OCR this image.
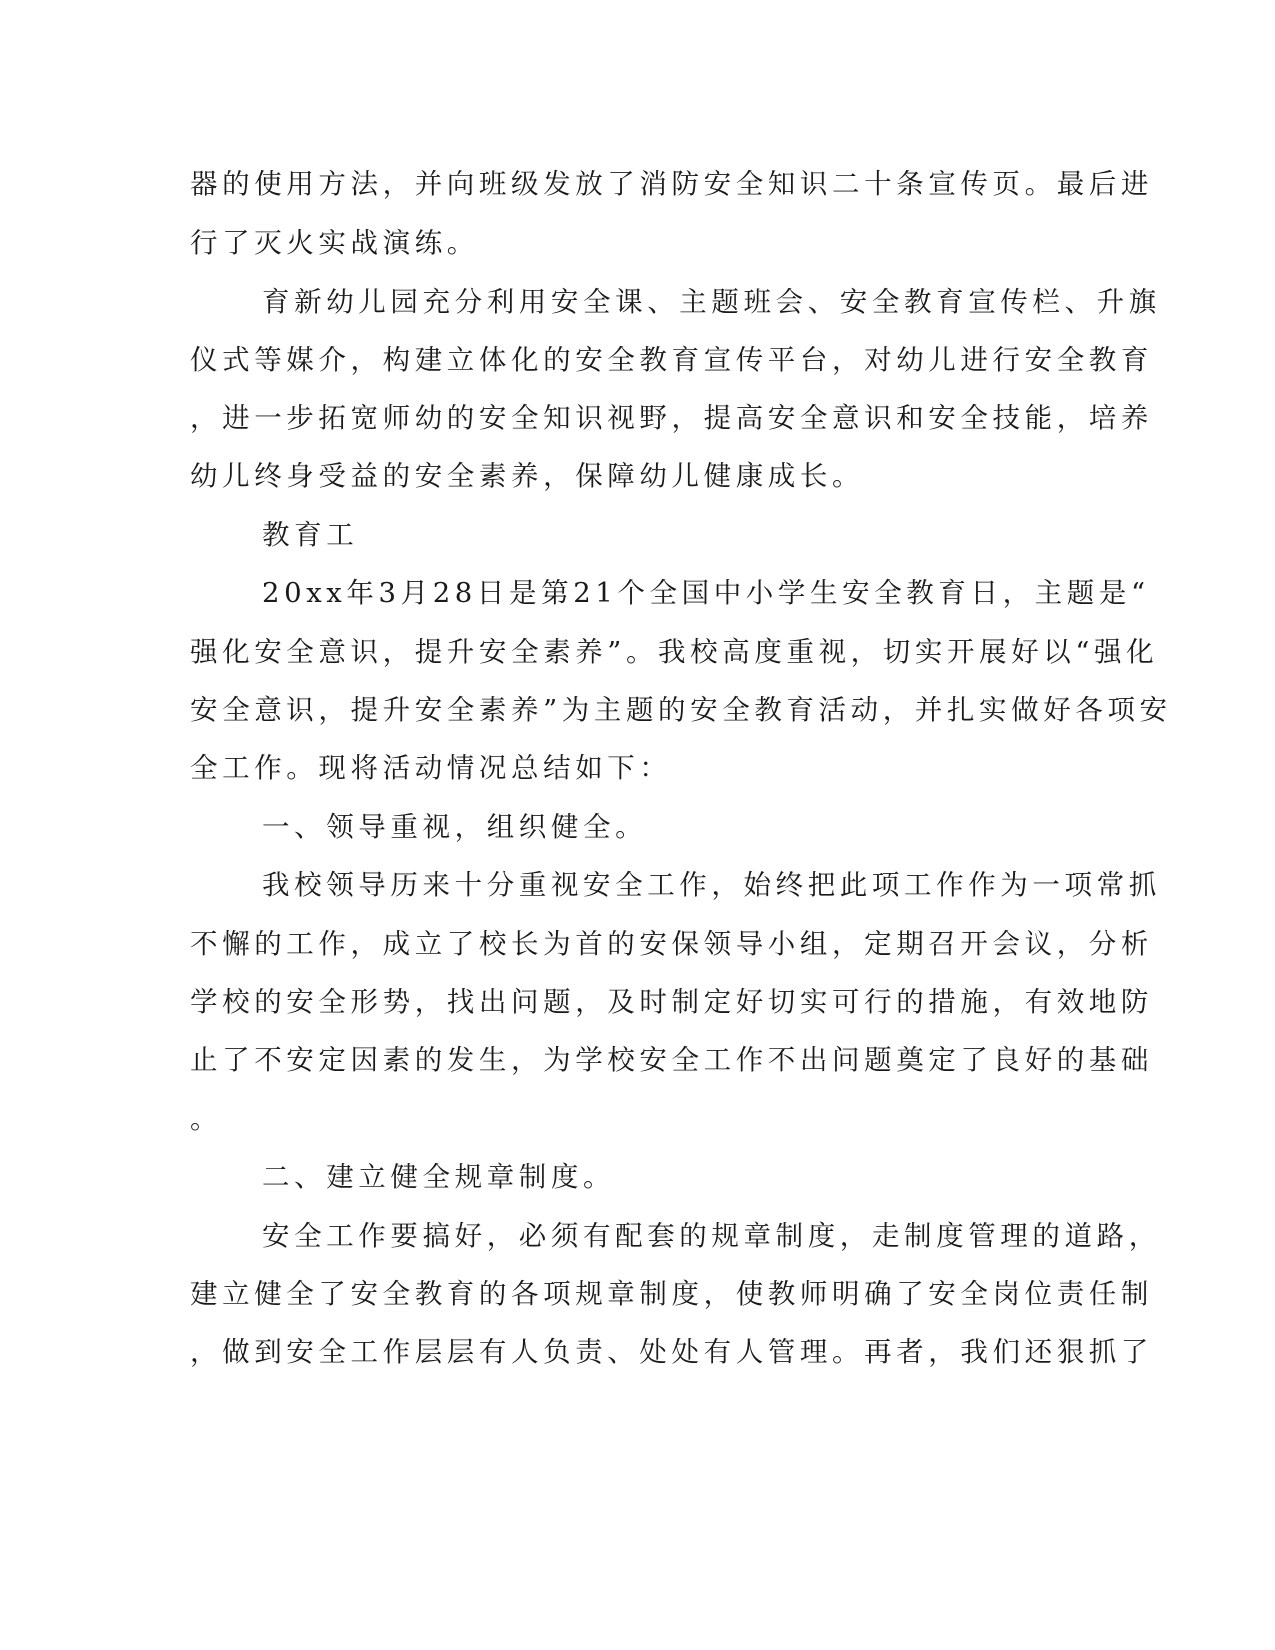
器的使用方法，并向班级发放了消防安全知识二十条宣传页。最后进
行了灭火实战演练。
育新幼儿园充分利用安全课、主题班会、安全教育宣传栏、升旗
仪式等媒介，构建立体化的安全教育宣传平台，对幼儿进行安全教育
，进一步拓宽师幼的安全知识视野，提高安全意识和安全技能，培养
幼儿终身受益的安全素养，保障幼儿健康成长。
教育工
20xx年3月28日是第21个全国中小学生安全教育日，主题是“
强化安全意识，提升安全素养”。我校高度重视，切实开展好以“强化
安全意识，提升安全素养”为主题的安全教育活动，并扎实做好各项安
全工作。现将活动情况总结如下：
一、领导重视，组织健全。
我校领导历来十分重视安全工作，始终把此项工作作为一项常抓
不懈的工作，成立了校长为首的安保领导小组，定期召开会议，分析
学校的安全形势，找出问题，及时制定好切实可行的措施，有效地防
止了不安定因素的发生，为学校安全工作不出问题奠定了良好的基础
。
二、建立健全规章制度。
安全工作要搞好，必须有配套的规章制度，走制度管理的道路，
建立健全了安全教育的各项规章制度，使教师明确了安全岗位责任制
，做到安全工作层层有人负责、处处有人管理。再者，我们还狠抓了
